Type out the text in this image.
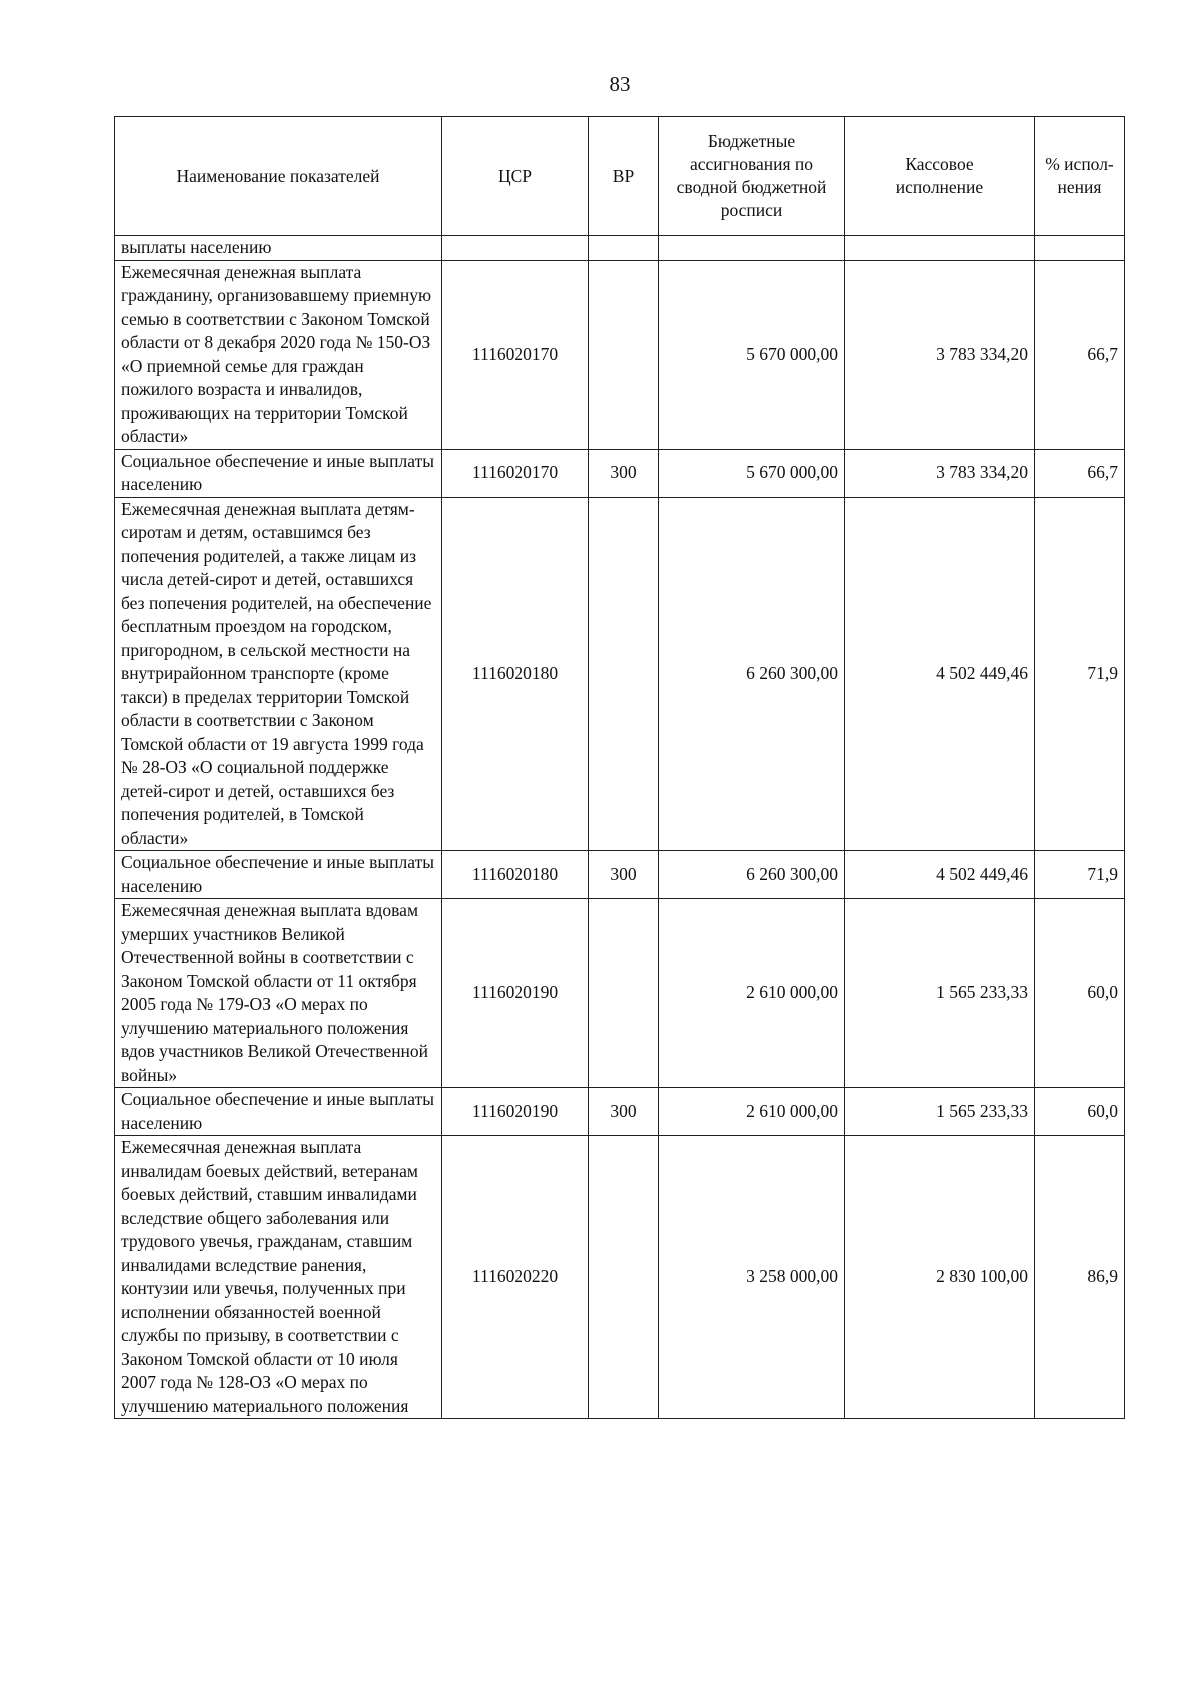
83
Наименование показателей	ЦСР	ВР	Бюджетные ассигнования по сводной бюджетной росписи	Кассовое исполнение	% испол-нения
выплаты населению					
Ежемесячная денежная выплата гражданину, организовавшему приемную семью в соответствии с Законом Томской области от 8 декабря 2020 года № 150-ОЗ «О приемной семье для граждан пожилого возраста и инвалидов, проживающих на территории Томской области»	1116020170		5 670 000,00	3 783 334,20	66,7
Социальное обеспечение и иные выплаты населению	1116020170	300	5 670 000,00	3 783 334,20	66,7
Ежемесячная денежная выплата детям-сиротам и детям, оставшимся без попечения родителей, а также лицам из числа детей-сирот и детей, оставшихся без попечения родителей, на обеспечение бесплатным проездом на городском, пригородном, в сельской местности на внутрирайонном транспорте (кроме такси) в пределах территории Томской области в соответствии с Законом Томской области от 19 августа 1999 года № 28-ОЗ «О социальной поддержке детей-сирот и детей, оставшихся без попечения родителей, в Томской области»	1116020180		6 260 300,00	4 502 449,46	71,9
Социальное обеспечение и иные выплаты населению	1116020180	300	6 260 300,00	4 502 449,46	71,9
Ежемесячная денежная выплата вдовам умерших участников Великой Отечественной войны в соответствии с Законом Томской области от 11 октября 2005 года № 179-ОЗ «О мерах по улучшению материального положения вдов участников Великой Отечественной войны»	1116020190		2 610 000,00	1 565 233,33	60,0
Социальное обеспечение и иные выплаты населению	1116020190	300	2 610 000,00	1 565 233,33	60,0
Ежемесячная денежная выплата инвалидам боевых действий, ветеранам боевых действий, ставшим инвалидами вследствие общего заболевания или трудового увечья, гражданам, ставшим инвалидами вследствие ранения, контузии или увечья, полученных при исполнении обязанностей военной службы по призыву, в соответствии с Законом Томской области от 10 июля 2007 года № 128-ОЗ «О мерах по улучшению материального положения	1116020220		3 258 000,00	2 830 100,00	86,9
